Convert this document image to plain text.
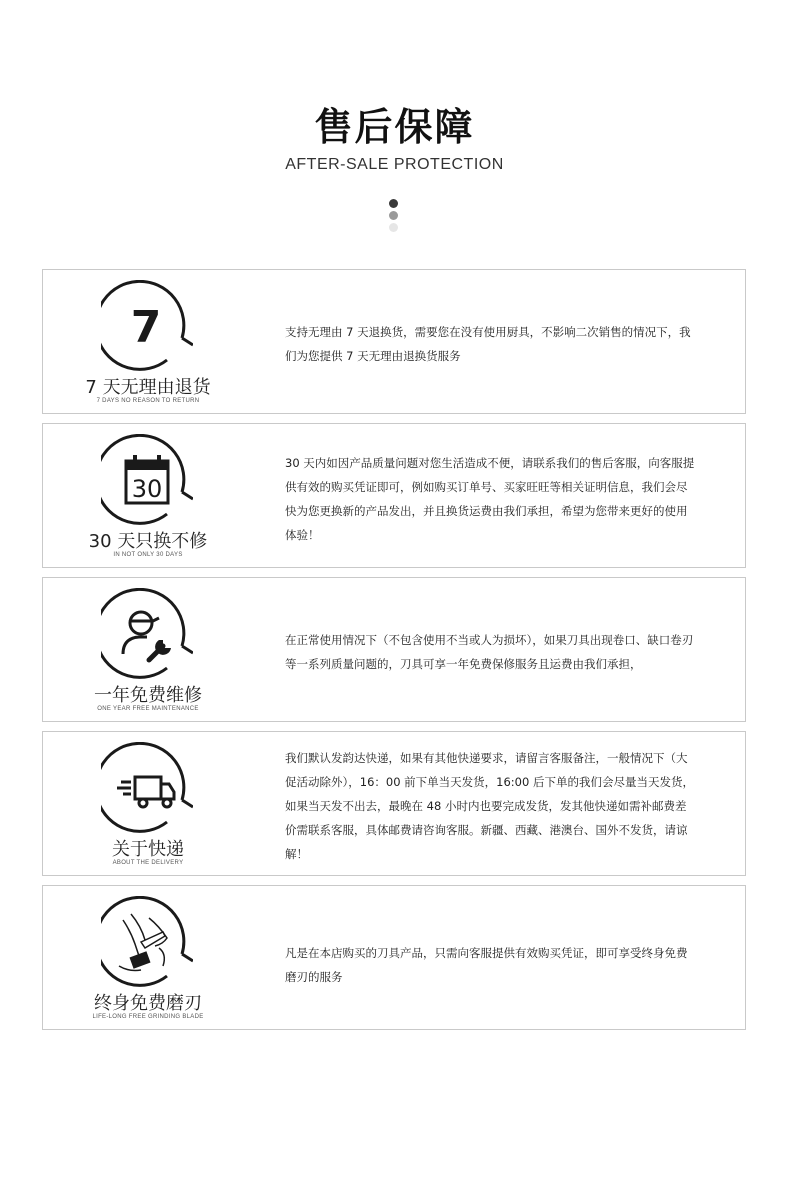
售后保障
AFTER-SALE PROTECTION
7
7 天无理由退货
7 DAYS NO REASON TO RETURN
支持无理由 7 天退换货，需要您在没有使用厨具，不影响二次销售的情况下，我们为您提供 7 天无理由退换货服务
30
30 天只换不修
IN NOT ONLY 30 DAYS
30 天内如因产品质量问题对您生活造成不便，请联系我们的售后客服，向客服提供有效的购买凭证即可，例如购买订单号、买家旺旺等相关证明信息，我们会尽快为您更换新的产品发出，并且换货运费由我们承担，希望为您带来更好的使用体验！
一年免费维修
ONE YEAR FREE MAINTENANCE
在正常使用情况下（不包含使用不当或人为损坏），如果刀具出现卷口、缺口卷刃等一系列质量问题的，刀具可享一年免费保修服务且运费由我们承担，
关于快递
ABOUT THE DELIVERY
我们默认发韵达快递，如果有其他快递要求，请留言客服备注，一般情况下（大促活动除外），16：00 前下单当天发货，16:00 后下单的我们会尽量当天发货，如果当天发不出去，最晚在 48 小时内也要完成发货，发其他快递如需补邮费差价需联系客服，具体邮费请咨询客服。新疆、西藏、港澳台、国外不发货，请谅解！
终身免费磨刃
LIFE-LONG FREE GRINDING BLADE
凡是在本店购买的刀具产品，只需向客服提供有效购买凭证，即可享受终身免费磨刃的服务
